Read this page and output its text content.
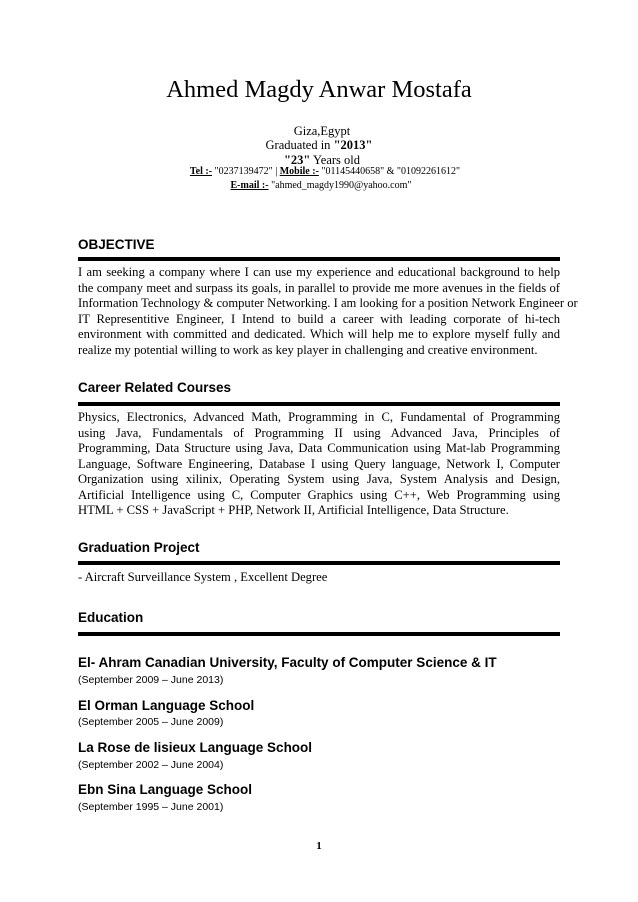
Ahmed Magdy Anwar Mostafa
Giza,Egypt
Graduated in "2013"
"23" Years old
Tel :- "0237139472" | Mobile :- "01145440658" & "01092261612"
E-mail :- "ahmed_magdy1990@yahoo.com"
OBJECTIVE
I am seeking a company where I can use my experience and educational background to help
the company meet and surpass its goals, in parallel to provide me more avenues in the fields of
Information Technology & computer Networking. I am looking for a position Network Engineer or
IT Representitive Engineer, I Intend to build a career with leading corporate of hi-tech
environment with committed and dedicated. Which will help me to explore myself fully and
realize my potential willing to work as key player in challenging and creative environment.
Career Related Courses
Physics, Electronics, Advanced Math, Programming in C, Fundamental of Programming
using Java, Fundamentals of Programming II using Advanced Java, Principles of
Programming, Data Structure using Java, Data Communication using Mat-lab Programming
Language, Software Engineering, Database I using Query language, Network I, Computer
Organization using xilinix, Operating System using Java, System Analysis and Design,
Artificial Intelligence using C, Computer Graphics using C++, Web Programming using
HTML + CSS + JavaScript + PHP, Network II, Artificial Intelligence, Data Structure.
Graduation Project
- Aircraft Surveillance System , Excellent Degree
Education
El- Ahram Canadian University, Faculty of Computer Science & IT
(September 2009 – June 2013)
El Orman Language School
(September 2005 – June 2009)
La Rose de lisieux Language School
(September 2002 – June 2004)
Ebn Sina Language School
(September 1995 – June 2001)
1
